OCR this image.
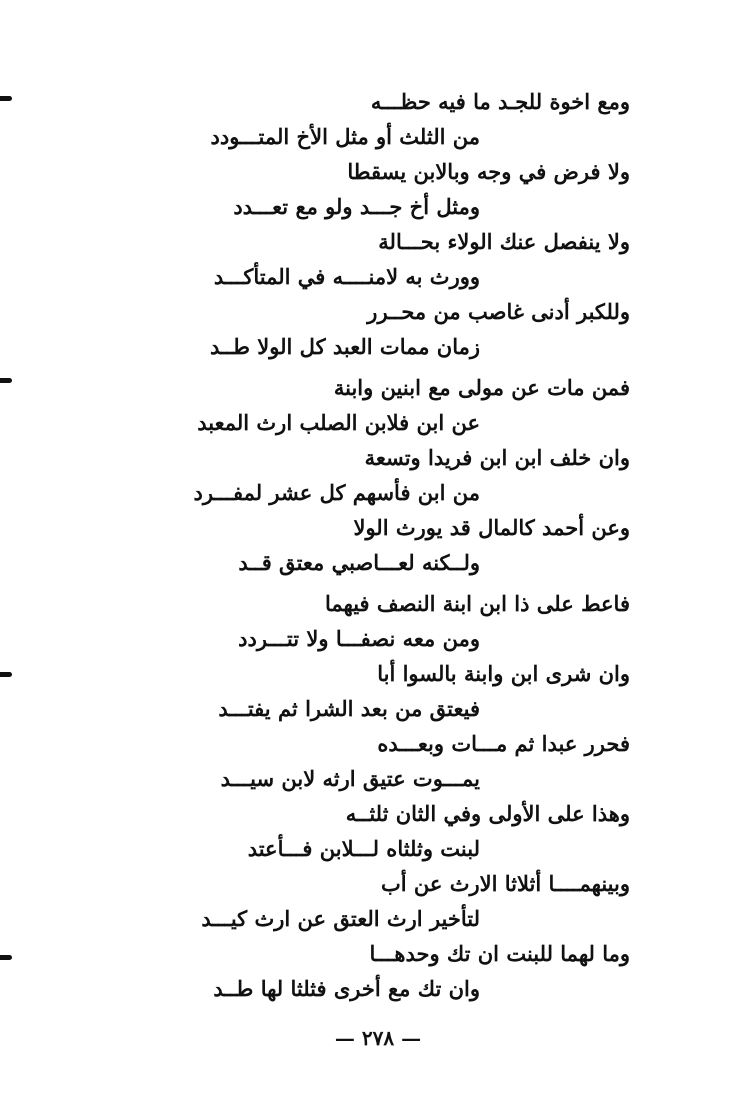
ومع اخوة للجـد ما فيه حظـــه
من الثلث أو مثل الأخ المتـــودد
ولا فرض في وجه وبالابن يسقطا
ومثل أخ جـــد ولو مع تعـــدد
ولا ينفصل عنك الولاء بحـــالة
وورث به لامنــــه في المتأكـــد
وللكبر أدنى غاصب من محــرر
زمان ممات العبد كل الولا طــد
فمن مات عن مولى مع ابنين وابنة
عن ابن فلابن الصلب ارث المعبد
وان خلف ابن ابن فريدا وتسعة
من ابن فأسهم كل عشر لمفـــرد
وعن أحمد كالمال قد يورث الولا
ولــكنه لعـــاصبي معتق قــد
فاعط على ذا ابن ابنة النصف فيهما
ومن معه نصفـــا ولا تتـــردد
وان شرى ابن وابنة بالسوا أبا
فيعتق من بعد الشرا ثم يفتـــد
فحرر عبدا ثم مـــات وبعـــده
يمـــوت عتيق ارثه لابن سيـــد
وهذا على الأولى وفي الثان ثلثــه
لبنت وثلثاه لـــلابن فـــأعتد
وبينهمــــا أثلاثا الارث عن أب
لتأخير ارث العتق عن ارث كيـــد
وما لهما للبنت ان تك وحدهـــا
وان تك مع أخرى فثلثا لها طــد
— ٢٧٨ —
